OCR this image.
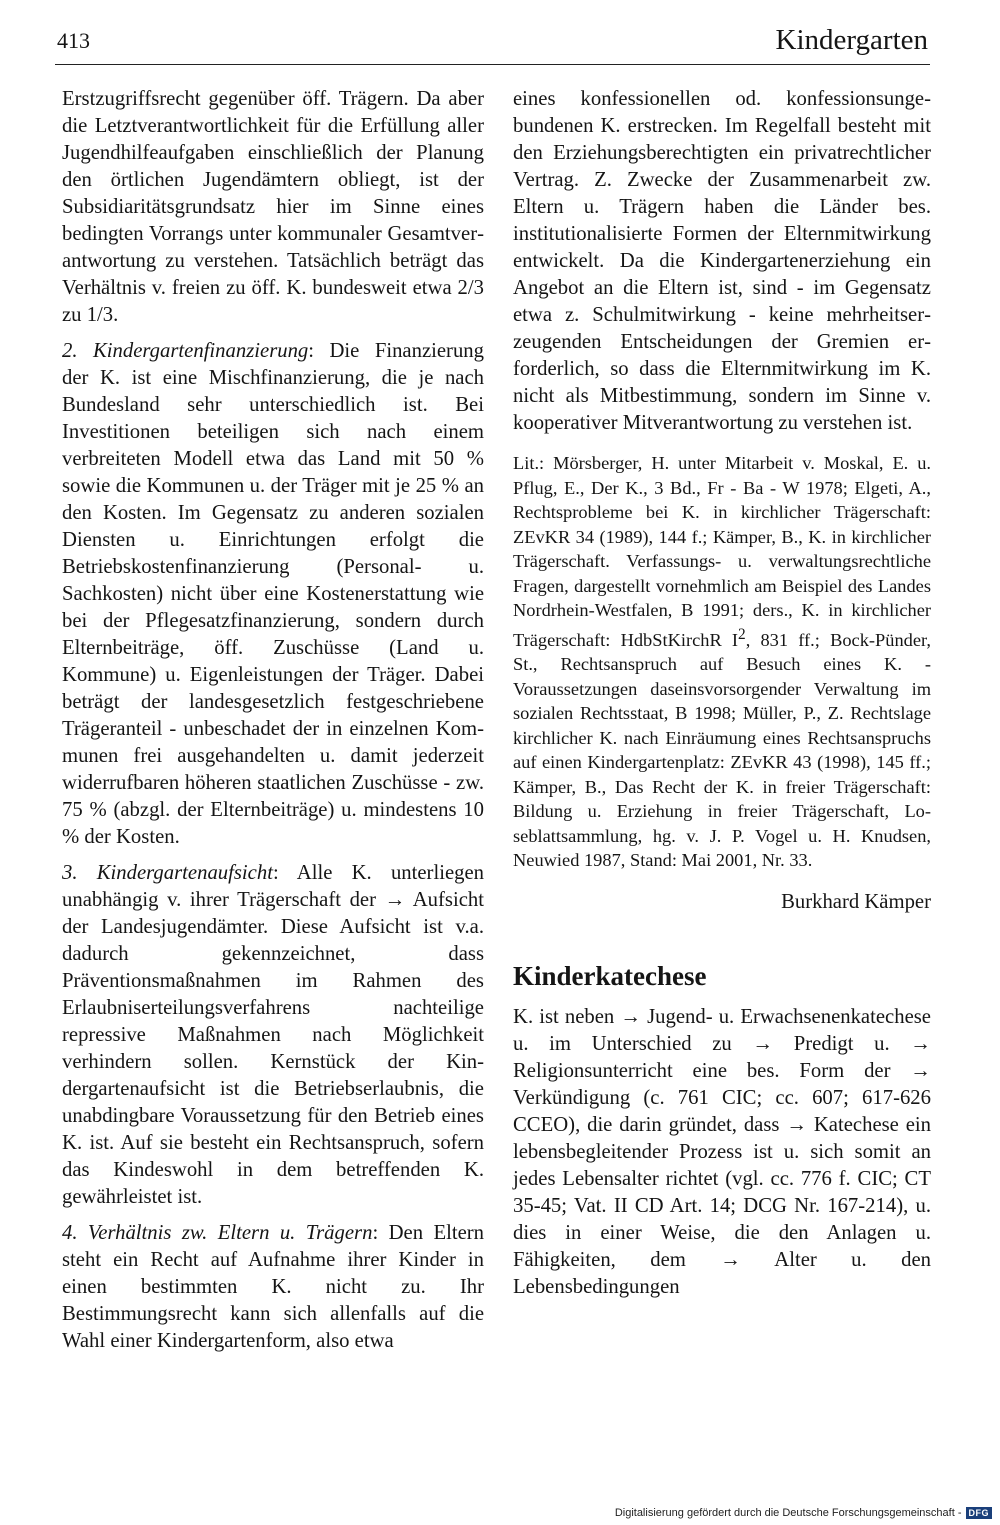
413	Kindergarten

Erstzugriffsrecht gegenüber öff. Trägern. Da aber die Letztverantwortlichkeit für die Erfüllung aller Jugendhilfeaufgaben einschließlich der Planung den örtlichen Jugendämtern obliegt, ist der Subsidiaritätsgrundsatz hier im Sinne eines bedingten Vorrangs unter kommunaler Gesamtverantwortung zu verstehen. Tatsächlich beträgt das Verhältnis v. freien zu öff. K. bundesweit etwa 2/3 zu 1/3.

2. Kindergartenfinanzierung: Die Finanzierung der K. ist eine Mischfinanzierung, die je nach Bundesland sehr unterschiedlich ist. Bei Investitionen beteiligen sich nach einem verbreiteten Modell etwa das Land mit 50 % sowie die Kommunen u. der Träger mit je 25 % an den Kosten. Im Gegensatz zu anderen sozialen Diensten u. Einrichtungen erfolgt die Betriebskostenfinanzierung (Personal- u. Sachkosten) nicht über eine Kostenerstattung wie bei der Pflegesatzfinanzierung, sondern durch Elternbeiträge, öff. Zuschüsse (Land u. Kommune) u. Eigenleistungen der Träger. Dabei beträgt der landesgesetzlich festgeschriebene Trägeranteil - unbeschadet der in einzelnen Kommunen frei ausgehandelten u. damit jederzeit widerrufbaren höheren staatlichen Zuschüsse - zw. 75 % (abzgl. der Elternbeiträge) u. mindestens 10 % der Kosten.

3. Kindergartenaufsicht: Alle K. unterliegen unabhängig v. ihrer Trägerschaft der → Aufsicht der Landesjugendämter. Diese Aufsicht ist v.a. dadurch gekennzeichnet, dass Präventionsmaßnahmen im Rahmen des Erlaubniserteilungsverfahrens nachteilige repressive Maßnahmen nach Möglichkeit verhindern sollen. Kernstück der Kindergartenaufsicht ist die Betriebserlaubnis, die unabdingbare Voraussetzung für den Betrieb eines K. ist. Auf sie besteht ein Rechtsanspruch, sofern das Kindeswohl in dem betreffenden K. gewährleistet ist.

4. Verhältnis zw. Eltern u. Trägern: Den Eltern steht ein Recht auf Aufnahme ihrer Kinder in einen bestimmten K. nicht zu. Ihr Bestimmungsrecht kann sich allenfalls auf die Wahl einer Kindergartenform, also etwa

eines konfessionellen od. konfessionsungebundenen K. erstrecken. Im Regelfall besteht mit den Erziehungsberechtigten ein privatrechtlicher Vertrag. Z. Zwecke der Zusammenarbeit zw. Eltern u. Trägern haben die Länder bes. institutionalisierte Formen der Elternmitwirkung entwickelt. Da die Kindergartenerziehung ein Angebot an die Eltern ist, sind - im Gegensatz etwa z. Schulmitwirkung - keine mehrheitserzeugenden Entscheidungen der Gremien erforderlich, so dass die Elternmitwirkung im K. nicht als Mitbestimmung, sondern im Sinne v. kooperativer Mitverantwortung zu verstehen ist.

Lit.: Mörsberger, H. unter Mitarbeit v. Moskal, E. u. Pflug, E., Der K., 3 Bd., Fr - Ba - W 1978; Elgeti, A., Rechtsprobleme bei K. in kirchlicher Trägerschaft: ZEvKR 34 (1989), 144 f.; Kämper, B., K. in kirchlicher Trägerschaft. Verfassungs- u. verwaltungsrechtliche Fragen, dargestellt vornehmlich am Beispiel des Landes Nordrhein-Westfalen, B 1991; ders., K. in kirchlicher Trägerschaft: HdbStKirchR $I^2$, 831 ff.; Bock-Pünder, St., Rechtsanspruch auf Besuch eines K. - Voraussetzungen daseinsvorsorgender Verwaltung im sozialen Rechtsstaat, B 1998; Müller, P., Z. Rechtslage kirchlicher K. nach Einräumung eines Rechtsanspruchs auf einen Kindergartenplatz: ZEvKR 43 (1998), 145 ff.; Kämper, B., Das Recht der K. in freier Trägerschaft: Bildung u. Erziehung in freier Trägerschaft, Loseblattsammlung, hg. v. J. P. Vogel u. H. Knudsen, Neuwied 1987, Stand: Mai 2001, Nr. 33.

Burkhard Kämper

Kinderkatechese

K. ist neben → Jugend- u. Erwachsenenkatechese u. im Unterschied zu → Predigt u. → Religionsunterricht eine bes. Form der → Verkündigung (c. 761 CIC; cc. 607; 617-626 CCEO), die darin gründet, dass → Katechese ein lebensbegleitender Prozess ist u. sich somit an jedes Lebensalter richtet (vgl. cc. 776 f. CIC; CT 35-45; Vat. II CD Art. 14; DCG Nr. 167-214), u. dies in einer Weise, die den Anlagen u. Fähigkeiten, dem → Alter u. den Lebensbedingungen

Digitalisierung gefördert durch die Deutsche Forschungsgemeinschaft - DFG
